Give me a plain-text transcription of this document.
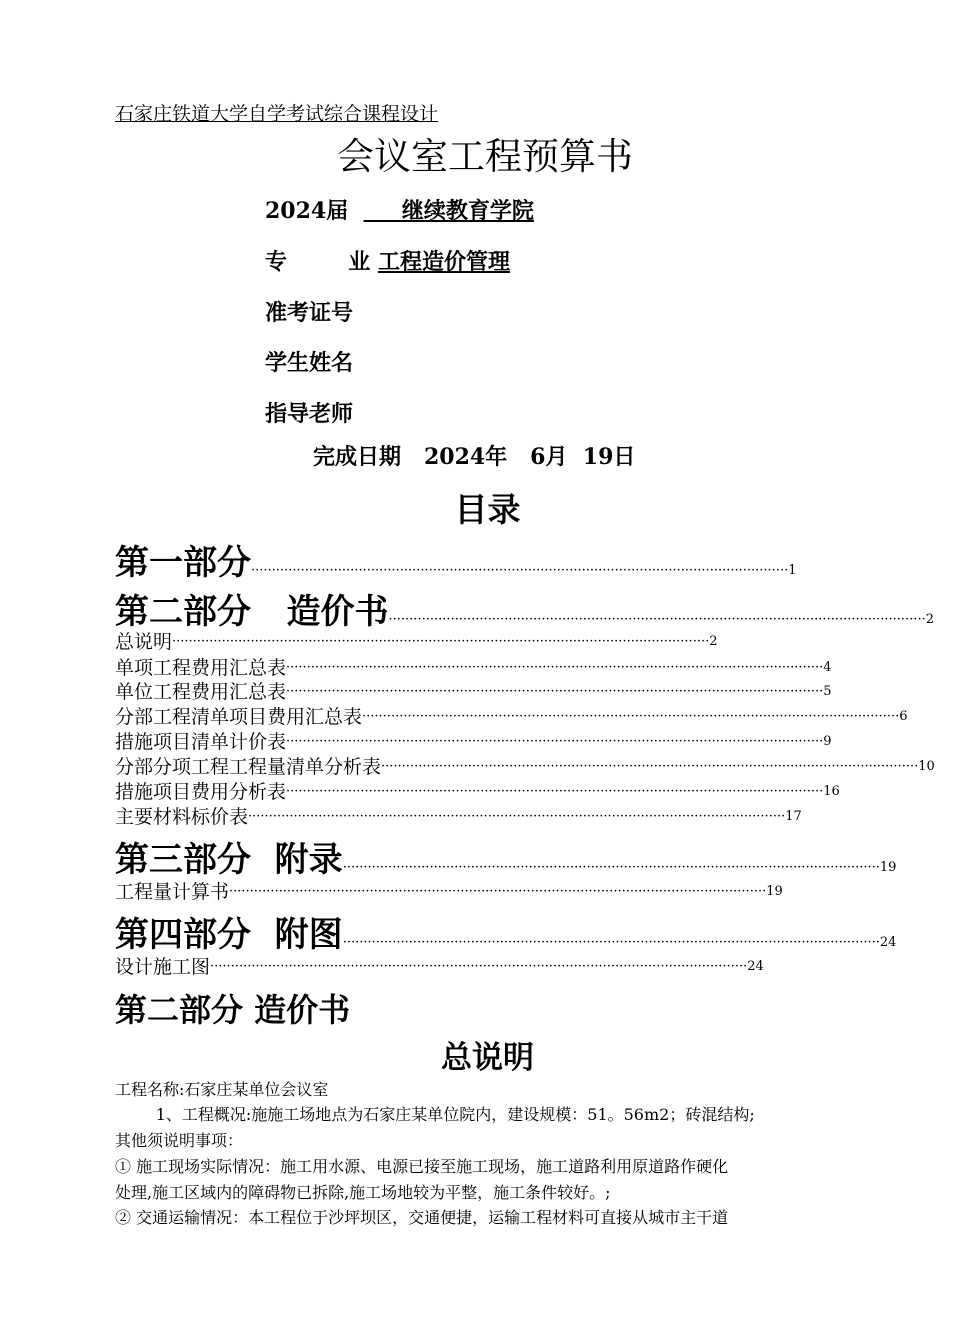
石家庄铁道大学自学考试综合课程设计
会议室工程预算书
2024届 继续教育学院
专        业 工程造价管理
准考证号
学生姓名
指导老师
完成日期   2024年   6月  19日
目录
第一部分 ·································································································································· 1
第二部分   造价书 ·································································································································· 2
总说明 ·································································································································· 2
单项工程费用汇总表 ·································································································································· 4
单位工程费用汇总表 ·································································································································· 5
分部工程清单项目费用汇总表 ·································································································································· 6
措施项目清单计价表 ·································································································································· 9
分部分项工程工程量清单分析表 ·································································································································· 10
措施项目费用分析表 ·································································································································· 16
主要材料标价表 ·································································································································· 17
第三部分  附录 ·································································································································· 19
工程量计算书 ·································································································································· 19
第四部分  附图 ·································································································································· 24
设计施工图 ·································································································································· 24
第二部分 造价书
总说明
工程名称:石家庄某单位会议室
1、工程概况:施施工场地点为石家庄某单位院内，建设规模：51。56m2；砖混结构;
其他须说明事项：
① 施工现场实际情况：施工用水源、电源已接至施工现场，施工道路利用原道路作硬化
处理,施工区域内的障碍物已拆除,施工场地较为平整，施工条件较好。;
② 交通运输情况：本工程位于沙坪坝区，交通便捷，运输工程材料可直接从城市主干道
